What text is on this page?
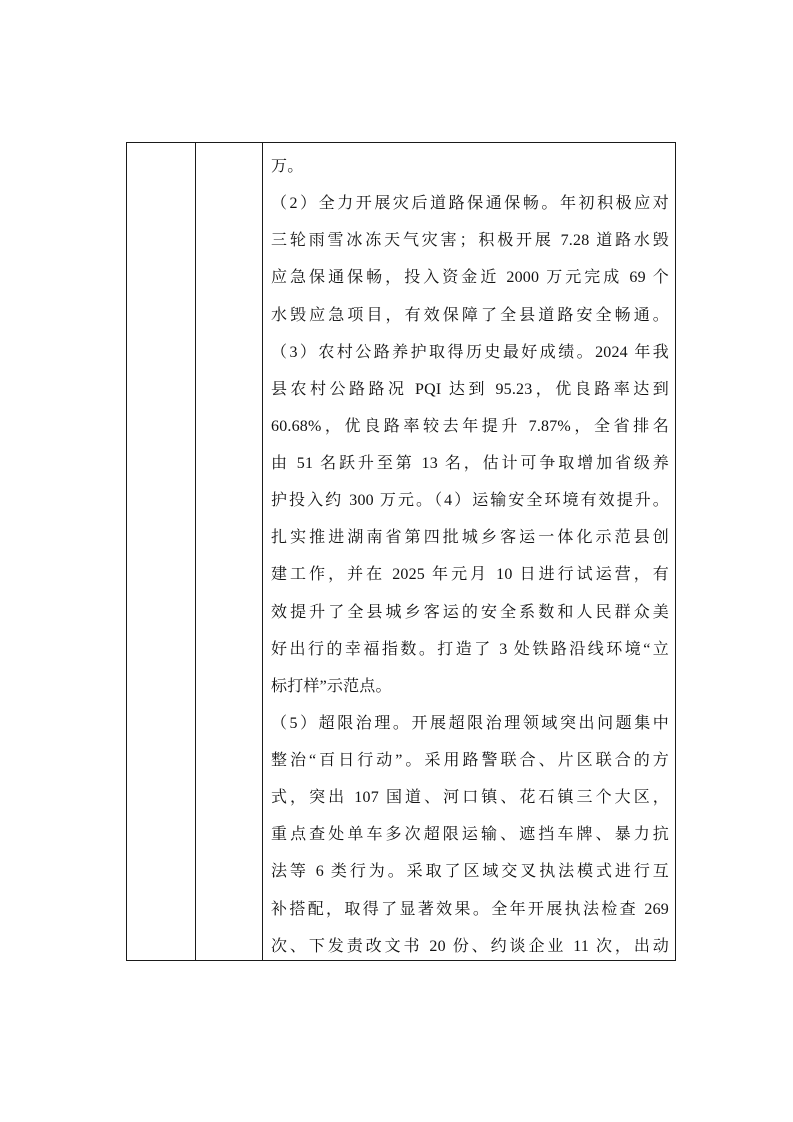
万。
（2）全力开展灾后道路保通保畅。年初积极应对
三轮雨雪冰冻天气灾害；积极开展 7.28 道路水毁
应急保通保畅，投入资金近 2000 万元完成 69 个
水毁应急项目，有效保障了全县道路安全畅通。
（3）农村公路养护取得历史最好成绩。2024 年我
县农村公路路况 PQI 达到 95.23，优良路率达到
60.68%，优良路率较去年提升 7.87%，全省排名
由 51 名跃升至第 13 名，估计可争取增加省级养
护投入约 300 万元。（4）运输安全环境有效提升。
扎实推进湖南省第四批城乡客运一体化示范县创
建工作，并在 2025 年元月 10 日进行试运营，有
效提升了全县城乡客运的安全系数和人民群众美
好出行的幸福指数。打造了 3 处铁路沿线环境“立
标打样”示范点。
（5）超限治理。开展超限治理领域突出问题集中
整治“百日行动”。采用路警联合、片区联合的方
式，突出 107 国道、河口镇、花石镇三个大区，
重点查处单车多次超限运输、遮挡车牌、暴力抗
法等 6 类行为。采取了区域交叉执法模式进行互
补搭配，取得了显著效果。全年开展执法检查 269
次、下发责改文书 20 份、约谈企业 11 次，出动
